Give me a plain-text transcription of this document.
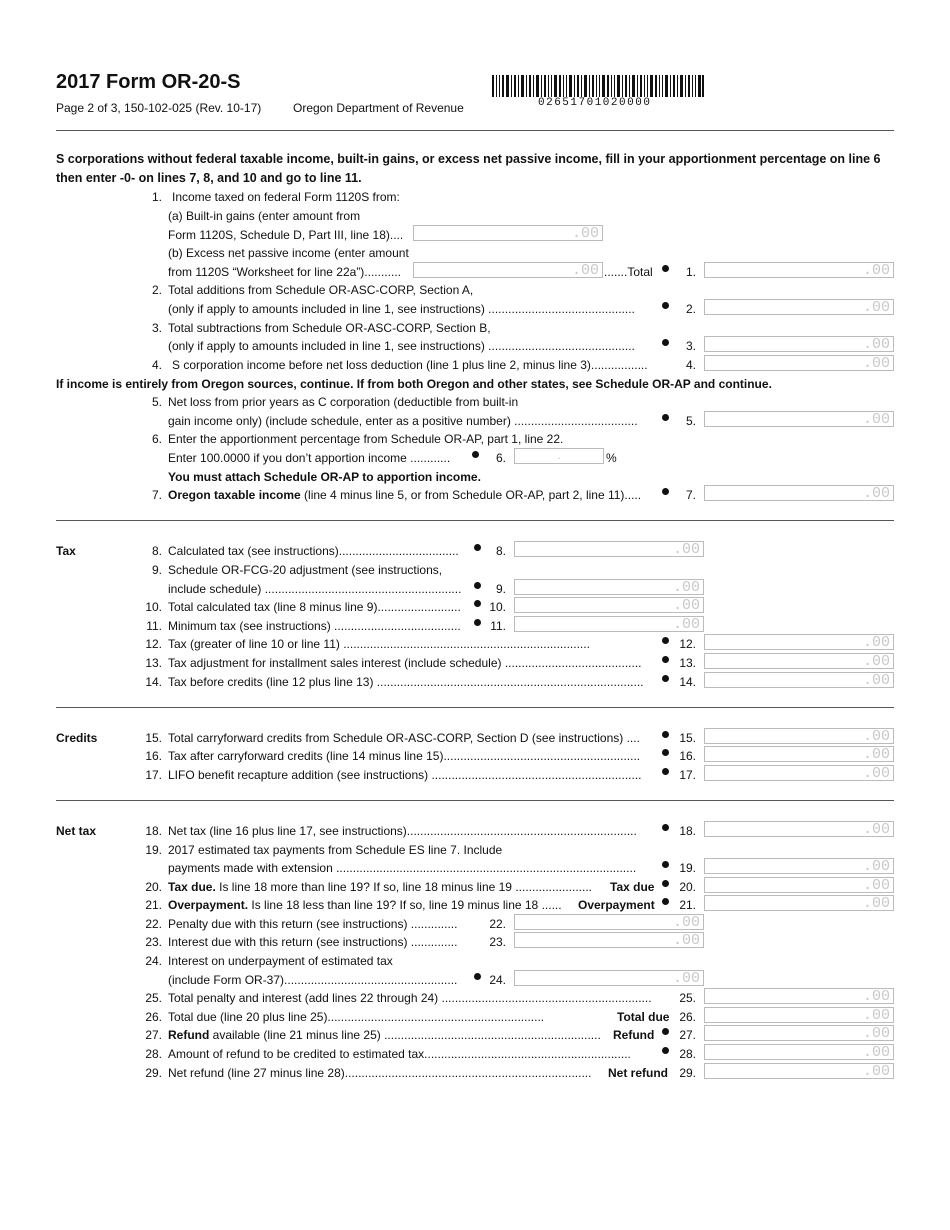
2017 Form OR-20-S
Page 2 of 3, 150-102-025 (Rev. 10-17)	Oregon Department of Revenue	02651701020000
S corporations without federal taxable income, built-in gains, or excess net passive income, fill in your apportionment percentage on line 6 then enter -0- on lines 7, 8, and 10 and go to line 11.
1. Income taxed on federal Form 1120S from:
(a) Built-in gains (enter amount from
Form 1120S, Schedule D, Part III, line 18)....	.00
(b) Excess net passive income (enter amount
from 1120S “Worksheet for line 22a”)...........	.00 .......Total	1.	.00
2. Total additions from Schedule OR-ASC-CORP, Section A,
(only if apply to amounts included in line 1, see instructions) ............................................	2.	.00
3. Total subtractions from Schedule OR-ASC-CORP, Section B,
(only if apply to amounts included in line 1, see instructions) ............................................	3.	.00
4. S corporation income before net loss deduction (line 1 plus line 2, minus line 3).................	4.	.00
If income is entirely from Oregon sources, continue. If from both Oregon and other states, see Schedule OR-AP and continue.
5. Net loss from prior years as C corporation (deductible from built-in
gain income only) (include schedule, enter as a positive number) .....................................	5.	.00
6. Enter the apportionment percentage from Schedule OR-AP, part 1, line 22.
Enter 100.0000 if you don’t apportion income ............	6.	.	%
You must attach Schedule OR-AP to apportion income.
7. Oregon taxable income (line 4 minus line 5, or from Schedule OR-AP, part 2, line 11).....	7.	.00
Tax	8. Calculated tax (see instructions)....................................	8.	.00
9. Schedule OR-FCG-20 adjustment (see instructions,
include schedule) ...........................................................	9.	.00
10. Total calculated tax (line 8 minus line 9).........................	10.	.00
11. Minimum tax (see instructions) ......................................	11.	.00
12. Tax (greater of line 10 or line 11) ..........................................................................	12.	.00
13. Tax adjustment for installment sales interest (include schedule) .........................................	13.	.00
14. Tax before credits (line 12 plus line 13) ................................................................................	14.	.00
Credits	15. Total carryforward credits from Schedule OR-ASC-CORP, Section D (see instructions) ....	15.	.00
16. Tax after carryforward credits (line 14 minus line 15)...........................................................	16.	.00
17. LIFO benefit recapture addition (see instructions) ...............................................................	17.	.00
Net tax	18. Net tax (line 16 plus line 17, see instructions).....................................................................	18.	.00
19. 2017 estimated tax payments from Schedule ES line 7. Include
payments made with extension ..........................................................................................	19.	.00
20. Tax due. Is line 18 more than line 19? If so, line 18 minus line 19 .......................	Tax due	20.	.00
21. Overpayment. Is line 18 less than line 19? If so, line 19 minus line 18 ......	Overpayment	21.	.00
22. Penalty due with this return (see instructions) ..............	22.	.00
23. Interest due with this return (see instructions) ..............	23.	.00
24. Interest on underpayment of estimated tax
(include Form OR-37)....................................................	24.	.00
25. Total penalty and interest (add lines 22 through 24) ...............................................................	25.	.00
26. Total due (line 20 plus line 25).................................................................	Total due 26.	.00
27. Refund available (line 21 minus line 25) .................................................................	Refund	27.	.00
28. Amount of refund to be credited to estimated tax..............................................................	28.	.00
29. Net refund (line 27 minus line 28)..........................................................................	Net refund 29.	.00
